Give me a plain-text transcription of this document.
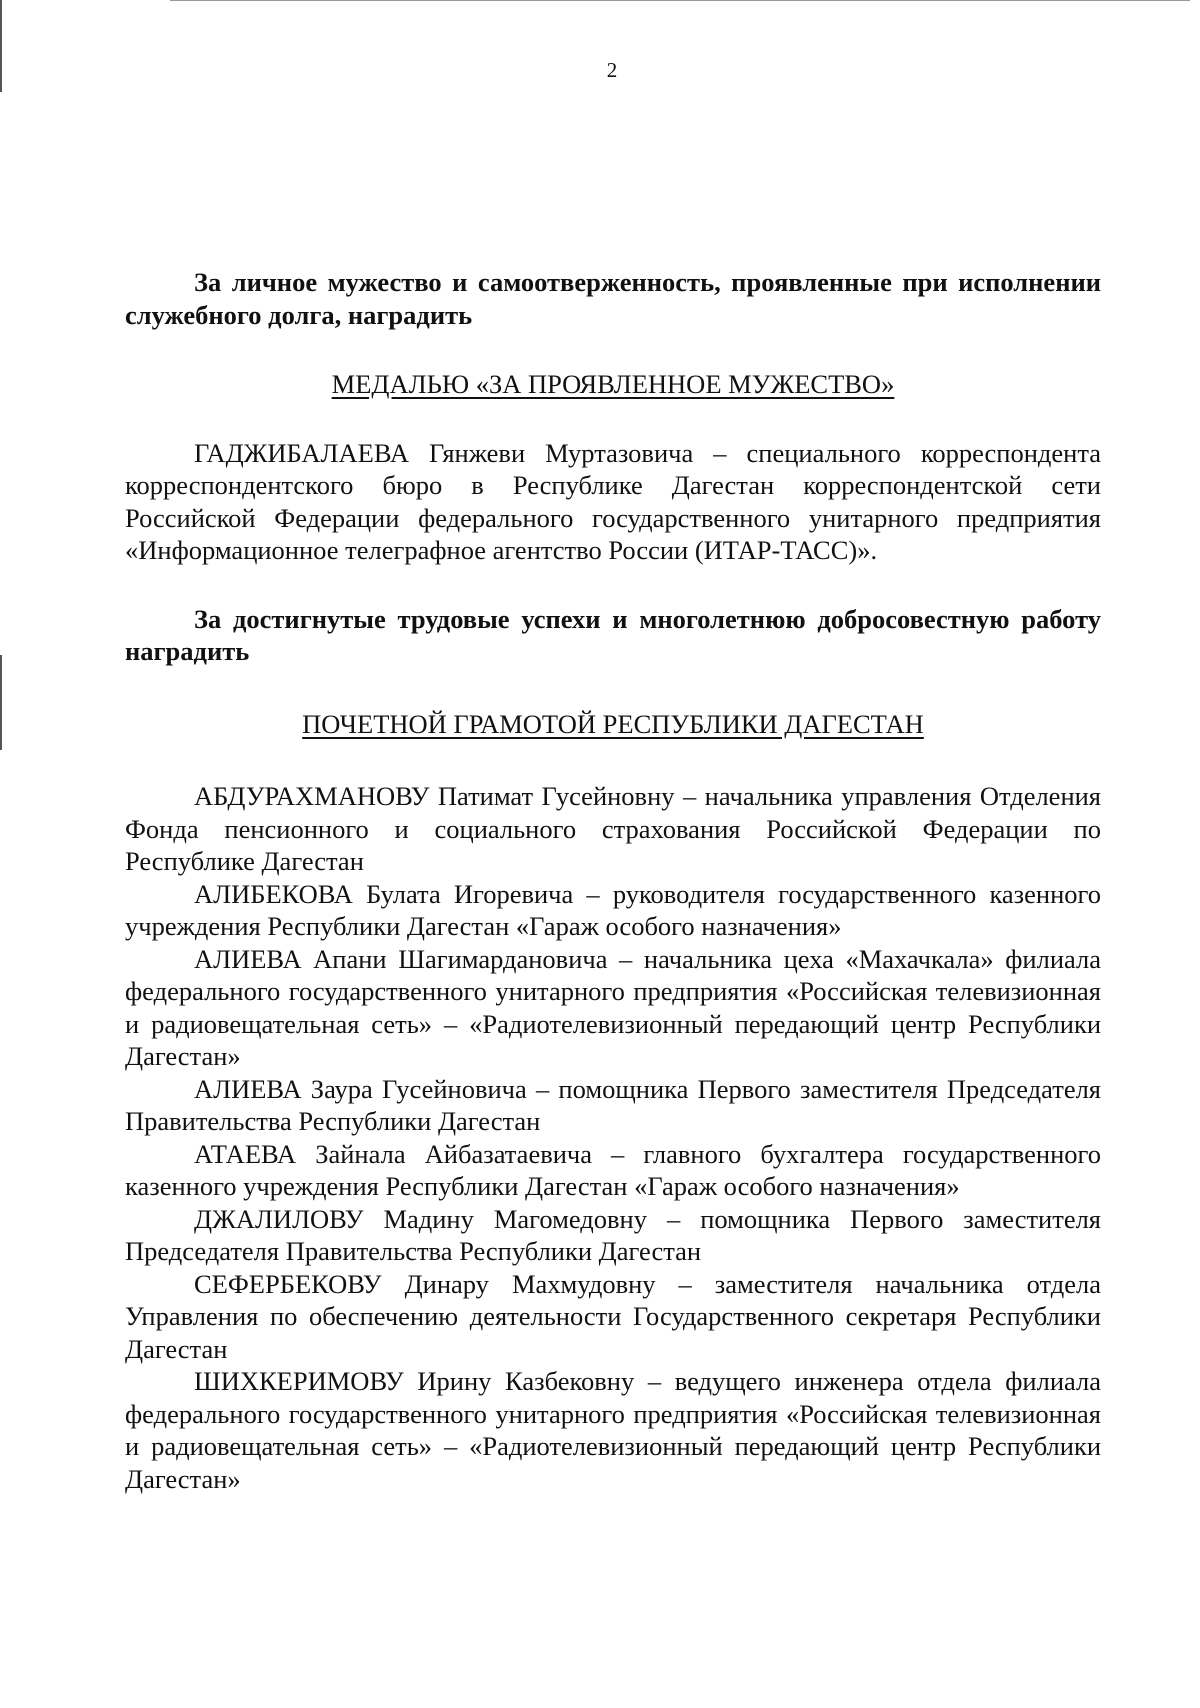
2

За личное мужество и самоотверженность, проявленные при исполнении служебного долга, наградить

МЕДАЛЬЮ «ЗА ПРОЯВЛЕННОЕ МУЖЕСТВО»

ГАДЖИБАЛАЕВА Гянжеви Муртазовича – специального корреспондента корреспондентского бюро в Республике Дагестан корреспондентской сети Российской Федерации федерального государственного унитарного предприятия «Информационное телеграфное агентство России (ИТАР-ТАСС)».

За достигнутые трудовые успехи и многолетнюю добросовестную работу наградить

ПОЧЕТНОЙ ГРАМОТОЙ РЕСПУБЛИКИ ДАГЕСТАН

АБДУРАХМАНОВУ Патимат Гусейновну – начальника управления Отделения Фонда пенсионного и социального страхования Российской Федерации по Республике Дагестан

АЛИБЕКОВА Булата Игоревича – руководителя государственного казенного учреждения Республики Дагестан «Гараж особого назначения»

АЛИЕВА Апани Шагимардановича – начальника цеха «Махачкала» филиала федерального государственного унитарного предприятия «Российская телевизионная и радиовещательная сеть» – «Радиотелевизионный передающий центр Республики Дагестан»

АЛИЕВА Заура Гусейновича – помощника Первого заместителя Председателя Правительства Республики Дагестан

АТАЕВА Зайнала Айбазатаевича – главного бухгалтера государственного казенного учреждения Республики Дагестан «Гараж особого назначения»

ДЖАЛИЛОВУ Мадину Магомедовну – помощника Первого заместителя Председателя Правительства Республики Дагестан

СЕФЕРБЕКОВУ Динару Махмудовну – заместителя начальника отдела Управления по обеспечению деятельности Государственного секретаря Республики Дагестан

ШИХКЕРИМОВУ Ирину Казбековну – ведущего инженера отдела филиала федерального государственного унитарного предприятия «Российская телевизионная и радиовещательная сеть» – «Радиотелевизионный передающий центр Республики Дагестан»
